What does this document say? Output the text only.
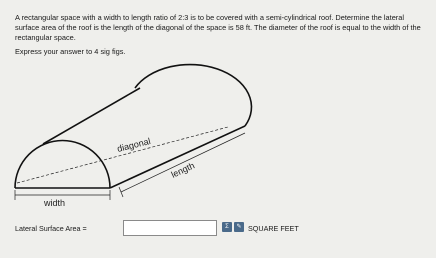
A rectangular space with a width to length ratio of 2:3 is to be covered with a semi-cylindrical roof. Determine the lateral surface area of the roof is the length of the diagonal of the space is 58 ft. The diameter of the roof is equal to the width of the rectangular space.
Express your answer to 4 sig figs.
diagonal
length
width
Lateral Surface Area =	Σ	✎ SQUARE FEET
